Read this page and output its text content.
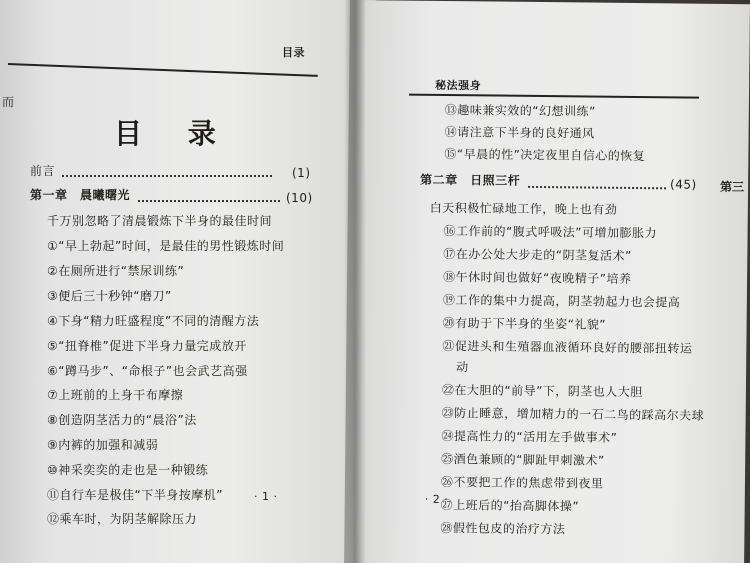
而
目录
目 录
前言	(1)
第一章　晨曦曙光	(10)
千万别忽略了清晨锻炼下半身的最佳时间
①“早上勃起”时间，是最佳的男性锻炼时间
②在厕所进行“禁尿训练”
③便后三十秒钟“磨刀”
④下身“精力旺盛程度”不同的清醒方法
⑤“扭脊椎”促进下半身力量完成放开
⑥“蹲马步”、“命根子”也会武艺高强
⑦上班前的上身干布摩擦
⑧创造阴茎活力的“晨浴”法
⑨内裤的加强和减弱
⑩神采奕奕的走也是一种锻练
⑪自行车是极佳“下半身按摩机”
⑫乘车时，为阴茎解除压力
· 1 ·
秘法强身
⑬趣味兼实效的“幻想训练”
⑭请注意下半身的良好通风
⑮“早晨的性”决定夜里自信心的恢复
第二章　日照三杆	(45)
白天积极忙碌地工作，晚上也有劲
⑯工作前的“腹式呼吸法”可增加膨胀力
⑰在办公处大步走的“阴茎复活术”
⑱午休时间也做好“夜晚精子”培养
⑲工作的集中力提高，阴茎勃起力也会提高
⑳有助于下半身的坐姿“礼貌”
㉑促进头和生殖器血液循环良好的腰部扭转运
动
㉒在大胆的“前导”下，阴茎也人大胆
㉓防止睡意，增加精力的一石二鸟的踩高尔夫球
㉔提高性力的“活用左手做事术”
㉕酒色兼顾的“脚趾甲刺激术”
㉖不要把工作的焦虑带到夜里
㉗上班后的“抬高脚体操”
㉘假性包皮的治疗方法
· 2 ·
第三
